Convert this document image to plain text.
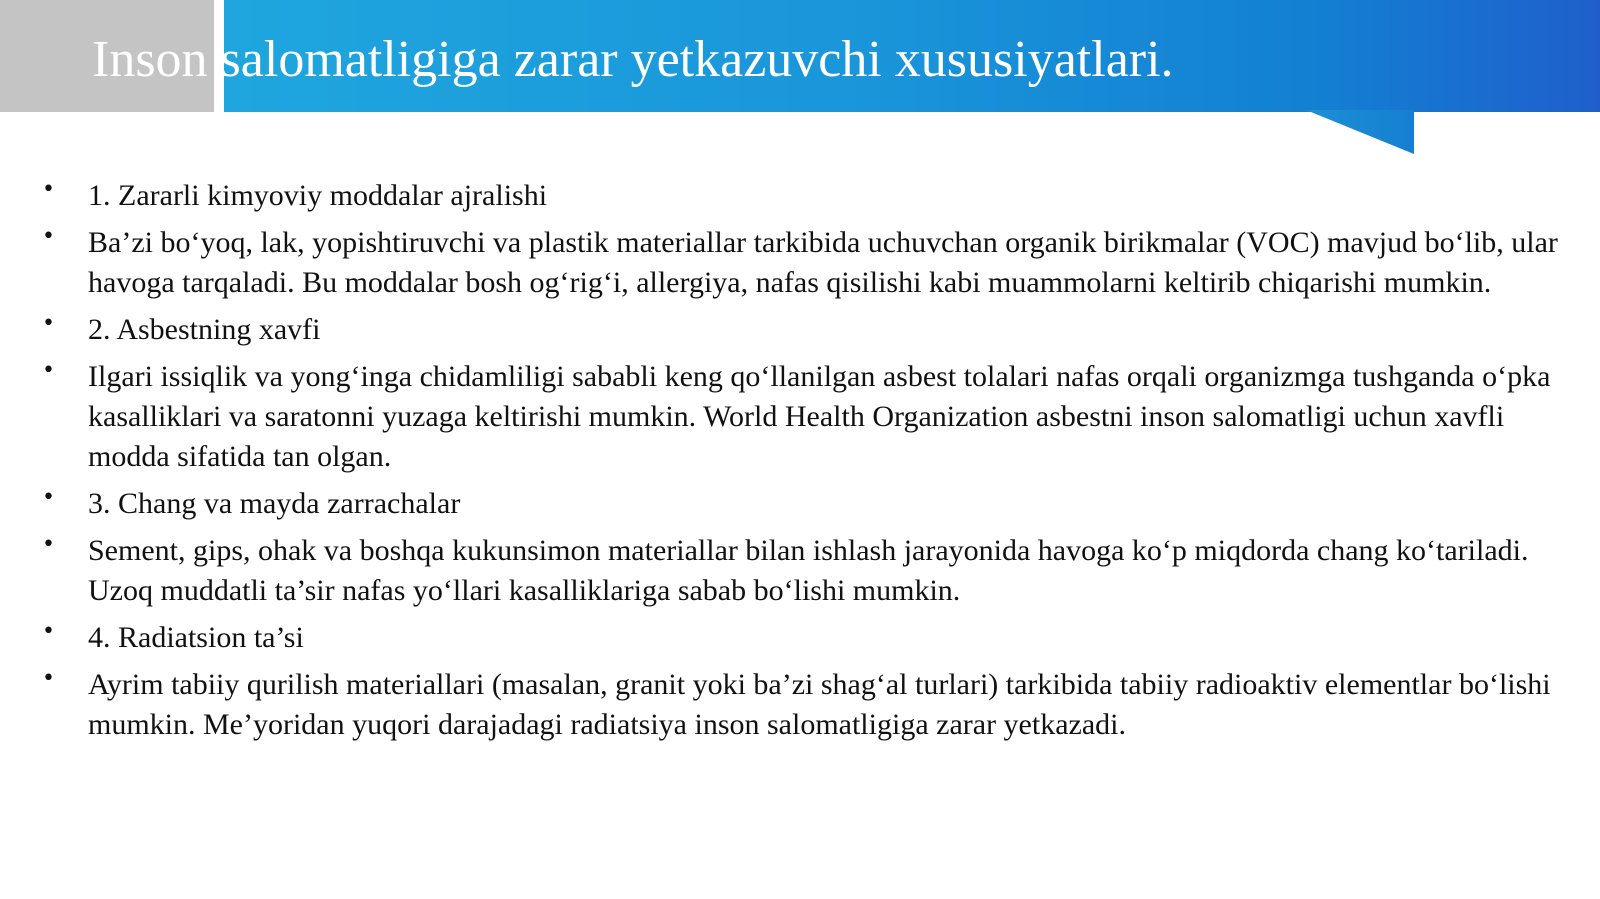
Inson salomatligiga zarar yetkazuvchi xususiyatlari.
• 1. Zararli kimyoviy moddalar ajralishi
• Ba’zi bo‘yoq, lak, yopishtiruvchi va plastik materiallar tarkibida uchuvchan organik birikmalar (VOC) mavjud bo‘lib, ular havoga tarqaladi. Bu moddalar bosh og‘rig‘i, allergiya, nafas qisilishi kabi muammolarni keltirib chiqarishi mumkin.
• 2. Asbestning xavfi
• Ilgari issiqlik va yong‘inga chidamliligi sababli keng qo‘llanilgan asbest tolalari nafas orqali organizmga tushganda o‘pka kasalliklari va saratonni yuzaga keltirishi mumkin. World Health Organization asbestni inson salomatligi uchun xavfli modda sifatida tan olgan.
• 3. Chang va mayda zarrachalar
• Sement, gips, ohak va boshqa kukunsimon materiallar bilan ishlash jarayonida havoga ko‘p miqdorda chang ko‘tariladi. Uzoq muddatli ta’sir nafas yo‘llari kasalliklariga sabab bo‘lishi mumkin.
• 4. Radiatsion ta’si
• Ayrim tabiiy qurilish materiallari (masalan, granit yoki ba’zi shag‘al turlari) tarkibida tabiiy radioaktiv elementlar bo‘lishi mumkin. Me’yoridan yuqori darajadagi radiatsiya inson salomatligiga zarar yetkazadi.
